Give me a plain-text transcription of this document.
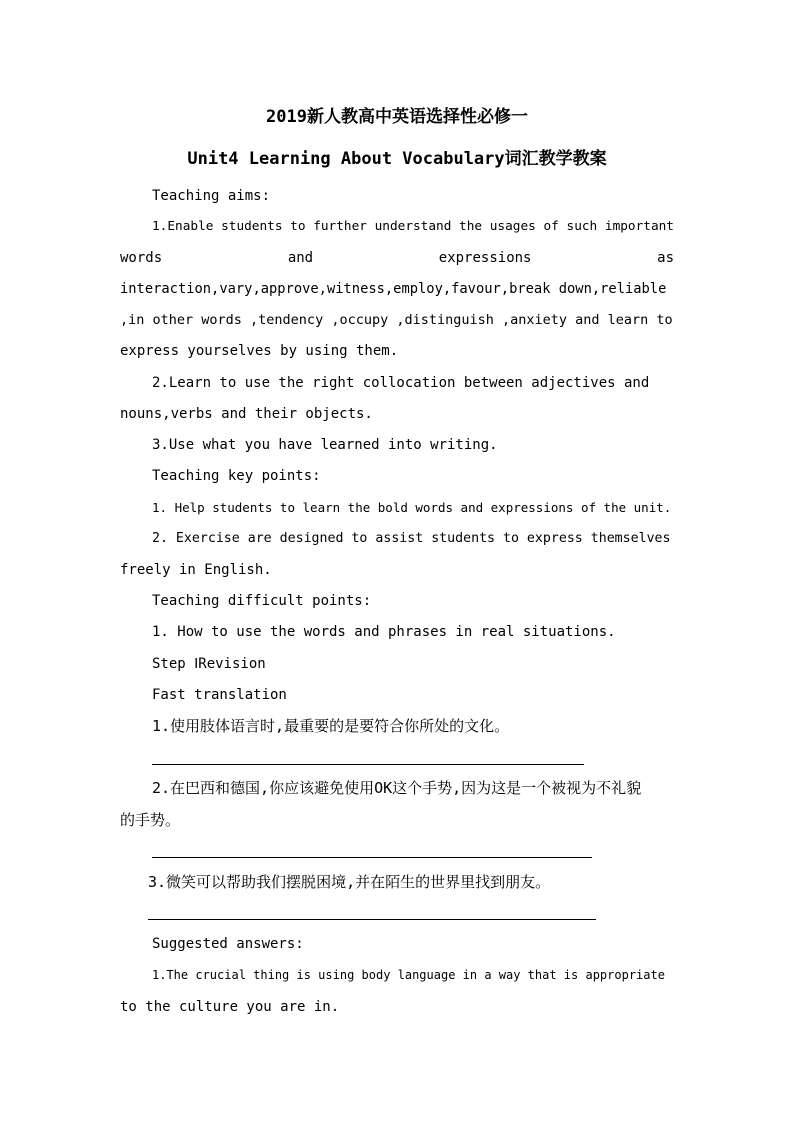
2019新人教高中英语选择性必修一
Unit4 Learning About Vocabulary词汇教学教案
Teaching aims:
1.Enable students to further understand the usages of such important
words	and	expressions	as
interaction,vary,approve,witness,employ,favour,break down,reliable
,in other words ,tendency ,occupy ,distinguish ,anxiety and learn to
express yourselves by using them.
2.Learn to use the right collocation between adjectives and
nouns,verbs and their objects.
3.Use what you have learned into writing.
Teaching key points:
1. Help students to learn the bold words and expressions of the unit.
2. Exercise are designed to assist students to express themselves
freely in English.
Teaching difficult points:
1. How to use the words and phrases in real situations.
Step ⅠRevision
Fast translation
1.使用肢体语言时,最重要的是要符合你所处的文化。
2.在巴西和德国,你应该避免使用OK这个手势,因为这是一个被视为不礼貌
的手势。
3.微笑可以帮助我们摆脱困境,并在陌生的世界里找到朋友。
Suggested answers:
1.The crucial thing is using body language in a way that is appropriate
to the culture you are in.
